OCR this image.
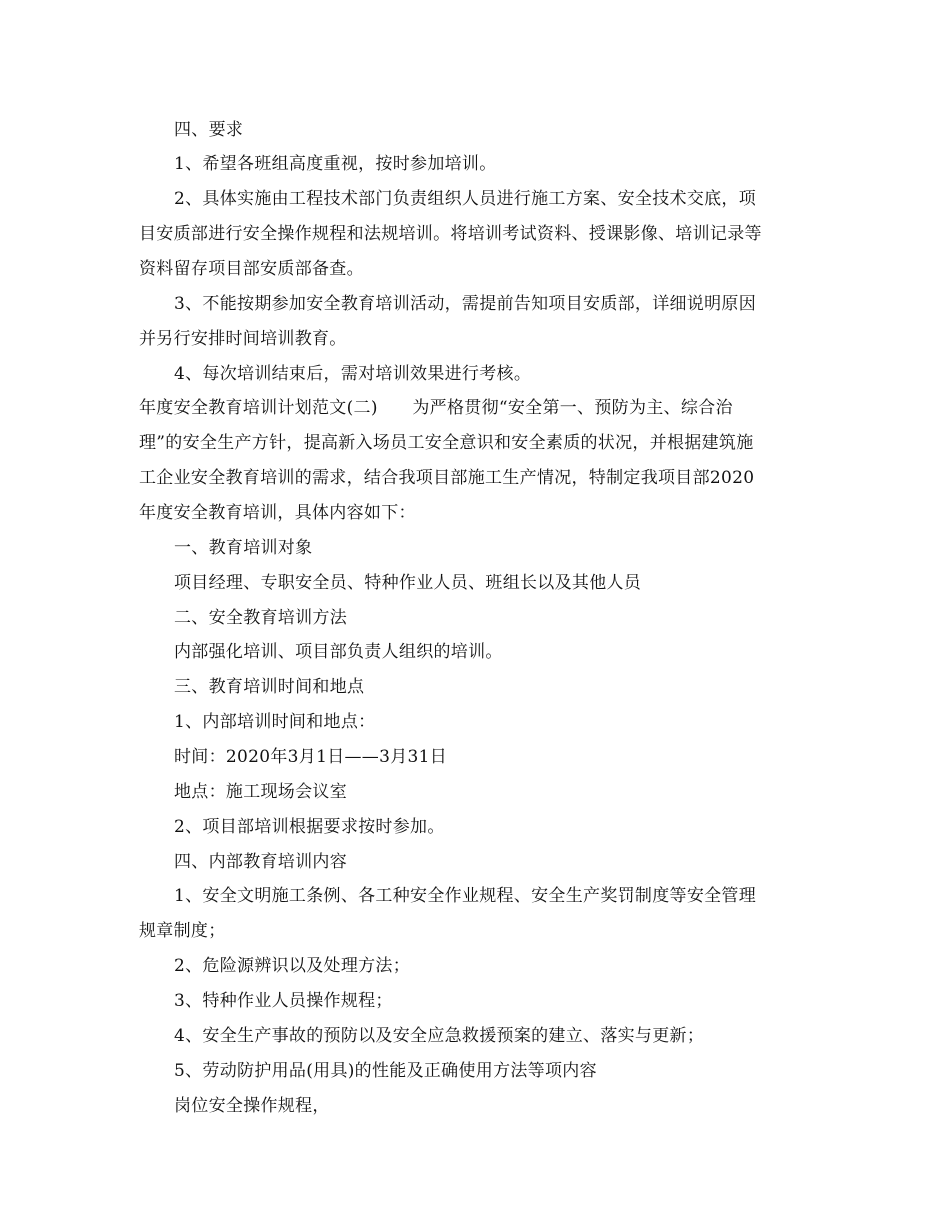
四、要求
1、希望各班组高度重视，按时参加培训。
2、具体实施由工程技术部门负责组织人员进行施工方案、安全技术交底，项
目安质部进行安全操作规程和法规培训。将培训考试资料、授课影像、培训记录等
资料留存项目部安质部备查。
3、不能按期参加安全教育培训活动，需提前告知项目安质部，详细说明原因
并另行安排时间培训教育。
4、每次培训结束后，需对培训效果进行考核。
年度安全教育培训计划范文(二)　　为严格贯彻“安全第一、预防为主、综合治
理”的安全生产方针，提高新入场员工安全意识和安全素质的状况，并根据建筑施
工企业安全教育培训的需求，结合我项目部施工生产情况，特制定我项目部2020
年度安全教育培训，具体内容如下：
一、教育培训对象
项目经理、专职安全员、特种作业人员、班组长以及其他人员
二、安全教育培训方法
内部强化培训、项目部负责人组织的培训。
三、教育培训时间和地点
1、内部培训时间和地点：
时间：2020年3月1日——3月31日
地点：施工现场会议室
2、项目部培训根据要求按时参加。
四、内部教育培训内容
1、安全文明施工条例、各工种安全作业规程、安全生产奖罚制度等安全管理
规章制度；
2、危险源辨识以及处理方法；
3、特种作业人员操作规程；
4、安全生产事故的预防以及安全应急救援预案的建立、落实与更新；
5、劳动防护用品(用具)的性能及正确使用方法等项内容
岗位安全操作规程，
